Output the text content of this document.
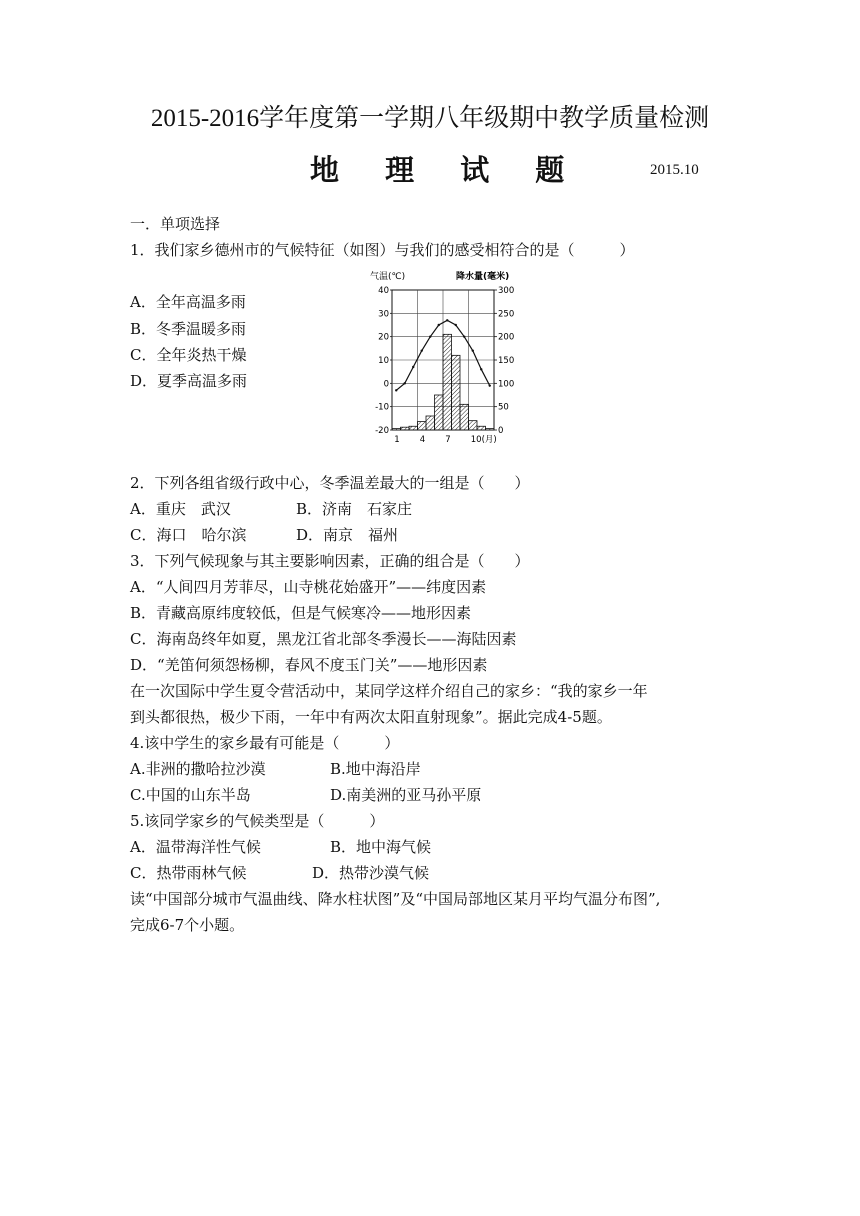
2015-2016学年度第一学期八年级期中教学质量检测
地 理 试 题	2015.10
一．单项选择
1．我们家乡德州市的气候特征（如图）与我们的感受相符合的是（　　　）
A．全年高温多雨
B．冬季温暖多雨
C．全年炎热干燥
D．夏季高温多雨
气温(℃)	降水量(毫米)
40
30
20
10
0
-10
-20
300
250
200
150
100
50
0
1 4 7 10(月)
2．下列各组省级行政中心，冬季温差最大的一组是（　　）
A．重庆　武汉	B．济南　石家庄
C．海口　哈尔滨	D．南京　福州
3．下列气候现象与其主要影响因素，正确的组合是（　　）
A．“人间四月芳菲尽，山寺桃花始盛开”——纬度因素
B．青藏高原纬度较低，但是气候寒冷——地形因素
C．海南岛终年如夏，黑龙江省北部冬季漫长——海陆因素
D．“羌笛何须怨杨柳，春风不度玉门关”——地形因素
在一次国际中学生夏令营活动中，某同学这样介绍自己的家乡：“我的家乡一年
到头都很热，极少下雨，一年中有两次太阳直射现象”。据此完成4-5题。
4.该中学生的家乡最有可能是（　　　）
A.非洲的撒哈拉沙漠	B.地中海沿岸
C.中国的山东半岛	D.南美洲的亚马孙平原
5.该同学家乡的气候类型是（　　　）
A．温带海洋性气候	B．地中海气候
C．热带雨林气候	D．热带沙漠气候
读“中国部分城市气温曲线、降水柱状图”及“中国局部地区某月平均气温分布图”,
完成6-7个小题。
